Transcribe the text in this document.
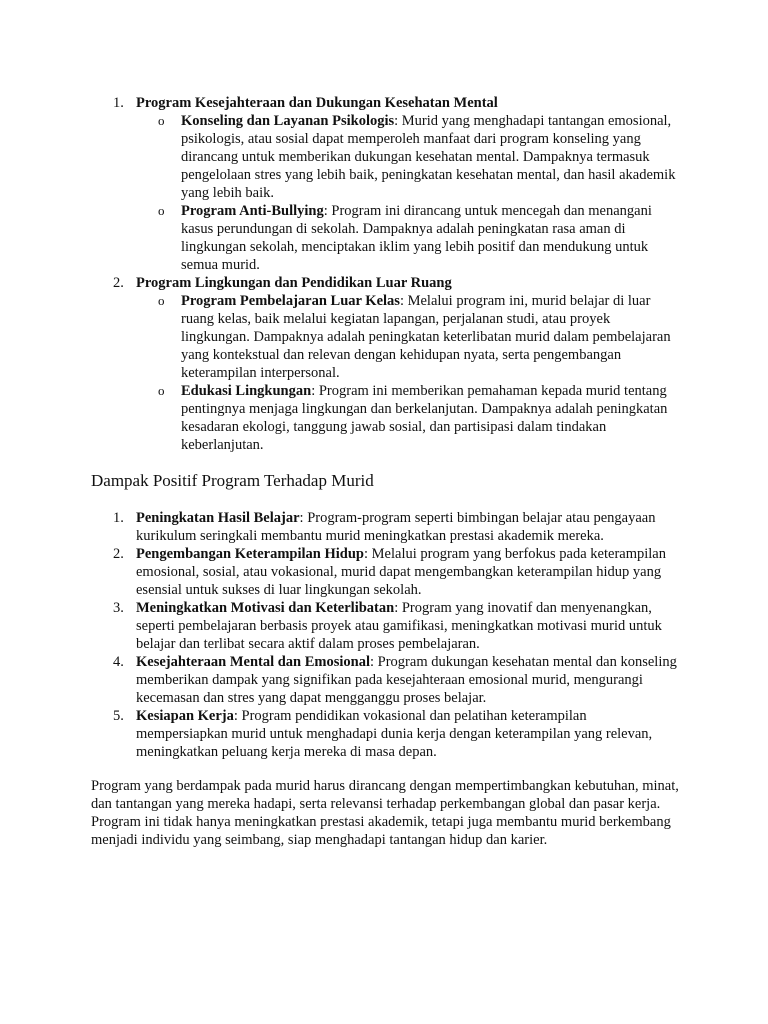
1. Program Kesejahteraan dan Dukungan Kesehatan Mental
o Konseling dan Layanan Psikologis: Murid yang menghadapi tantangan emosional, psikologis, atau sosial dapat memperoleh manfaat dari program konseling yang dirancang untuk memberikan dukungan kesehatan mental. Dampaknya termasuk pengelolaan stres yang lebih baik, peningkatan kesehatan mental, dan hasil akademik yang lebih baik.
o Program Anti-Bullying: Program ini dirancang untuk mencegah dan menangani kasus perundungan di sekolah. Dampaknya adalah peningkatan rasa aman di lingkungan sekolah, menciptakan iklim yang lebih positif dan mendukung untuk semua murid.
2. Program Lingkungan dan Pendidikan Luar Ruang
o Program Pembelajaran Luar Kelas: Melalui program ini, murid belajar di luar ruang kelas, baik melalui kegiatan lapangan, perjalanan studi, atau proyek lingkungan. Dampaknya adalah peningkatan keterlibatan murid dalam pembelajaran yang kontekstual dan relevan dengan kehidupan nyata, serta pengembangan keterampilan interpersonal.
o Edukasi Lingkungan: Program ini memberikan pemahaman kepada murid tentang pentingnya menjaga lingkungan dan berkelanjutan. Dampaknya adalah peningkatan kesadaran ekologi, tanggung jawab sosial, dan partisipasi dalam tindakan keberlanjutan.
Dampak Positif Program Terhadap Murid
1. Peningkatan Hasil Belajar: Program-program seperti bimbingan belajar atau pengayaan kurikulum seringkali membantu murid meningkatkan prestasi akademik mereka.
2. Pengembangan Keterampilan Hidup: Melalui program yang berfokus pada keterampilan emosional, sosial, atau vokasional, murid dapat mengembangkan keterampilan hidup yang esensial untuk sukses di luar lingkungan sekolah.
3. Meningkatkan Motivasi dan Keterlibatan: Program yang inovatif dan menyenangkan, seperti pembelajaran berbasis proyek atau gamifikasi, meningkatkan motivasi murid untuk belajar dan terlibat secara aktif dalam proses pembelajaran.
4. Kesejahteraan Mental dan Emosional: Program dukungan kesehatan mental dan konseling memberikan dampak yang signifikan pada kesejahteraan emosional murid, mengurangi kecemasan dan stres yang dapat mengganggu proses belajar.
5. Kesiapan Kerja: Program pendidikan vokasional dan pelatihan keterampilan mempersiapkan murid untuk menghadapi dunia kerja dengan keterampilan yang relevan, meningkatkan peluang kerja mereka di masa depan.

Program yang berdampak pada murid harus dirancang dengan mempertimbangkan kebutuhan, minat, dan tantangan yang mereka hadapi, serta relevansi terhadap perkembangan global dan pasar kerja. Program ini tidak hanya meningkatkan prestasi akademik, tetapi juga membantu murid berkembang menjadi individu yang seimbang, siap menghadapi tantangan hidup dan karier.
